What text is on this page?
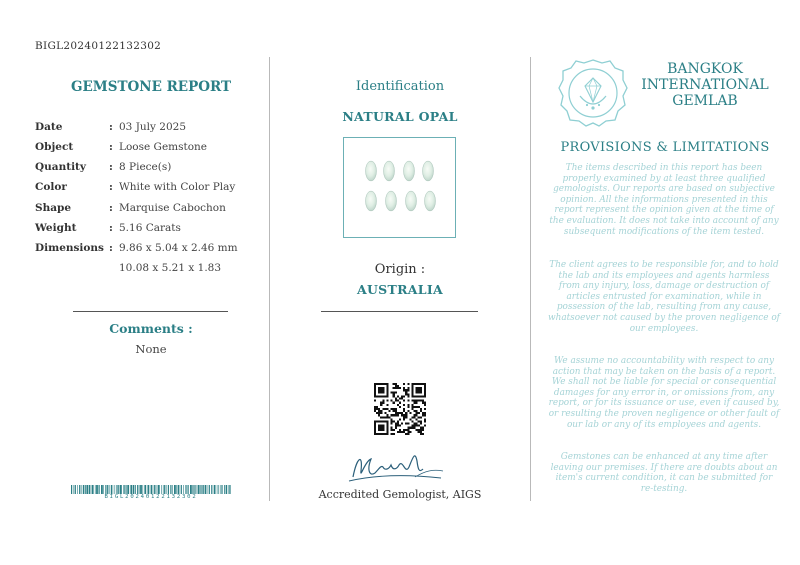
BIGL20240122132302
GEMSTONE REPORT
Date	: 03 July 2025
Object	: Loose Gemstone
Quantity : 8 Piece(s)
Color	: White with Color Play
Shape	: Marquise Cabochon
Weight	: 5.16 Carats
Dimensions : 9.86 x 5.04 x 2.46 mm
10.08 x 5.21 x 1.83
Comments :
None
BIGL20240122132302
Identification
NATURAL OPAL
Origin :
AUSTRALIA
Accredited Gemologist, AIGS
BANGKOK
INTERNATIONAL
GEMLAB
PROVISIONS & LIMITATIONS
The items described in this report has been properly examined by at least three qualified gemologists. Our reports are based on subjective opinion. All the informations presented in this report represent the opinion given at the time of the evaluation. It does not take into account of any subsequent modifications of the item tested.
The client agrees to be responsible for, and to hold the lab and its employees and agents harmless from any injury, loss, damage or destruction of articles entrusted for examination, while in possession of the lab, resulting from any cause, whatsoever not caused by the proven negligence of our employees.
We assume no accountability with respect to any action that may be taken on the basis of a report. We shall not be liable for special or consequential damages for any error in, or omissions from, any report, or for its issuance or use, even if caused by, or resulting the proven negligence or other fault of our lab or any of its employees and agents.
Gemstones can be enhanced at any time after leaving our premises. If there are doubts about an item's current condition, it can be submitted for re-testing.
